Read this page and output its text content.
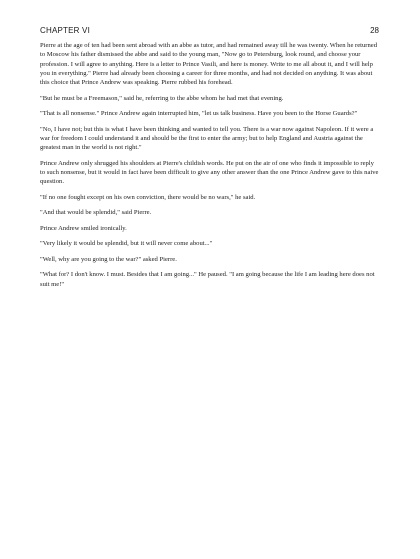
CHAPTER VI	28

Pierre at the age of ten had been sent abroad with an abbe as tutor, and had remained away till he was twenty. When he returned to Moscow his father dismissed the abbe and said to the young man, "Now go to Petersburg, look round, and choose your profession. I will agree to anything. Here is a letter to Prince Vasili, and here is money. Write to me all about it, and I will help you in everything." Pierre had already been choosing a career for three months, and had not decided on anything. It was about this choice that Prince Andrew was speaking. Pierre rubbed his forehead.

"But he must be a Freemason," said he, referring to the abbe whom he had met that evening.

"That is all nonsense." Prince Andrew again interrupted him, "let us talk business. Have you been to the Horse Guards?"

"No, I have not; but this is what I have been thinking and wanted to tell you. There is a war now against Napoleon. If it were a war for freedom I could understand it and should be the first to enter the army; but to help England and Austria against the greatest man in the world is not right."

Prince Andrew only shrugged his shoulders at Pierre's childish words. He put on the air of one who finds it impossible to reply to such nonsense, but it would in fact have been difficult to give any other answer than the one Prince Andrew gave to this naive question.

"If no one fought except on his own conviction, there would be no wars," he said.

"And that would be splendid," said Pierre.

Prince Andrew smiled ironically.

"Very likely it would be splendid, but it will never come about..."

"Well, why are you going to the war?" asked Pierre.

"What for? I don't know. I must. Besides that I am going..." He paused. "I am going because the life I am leading here does not suit me!"
